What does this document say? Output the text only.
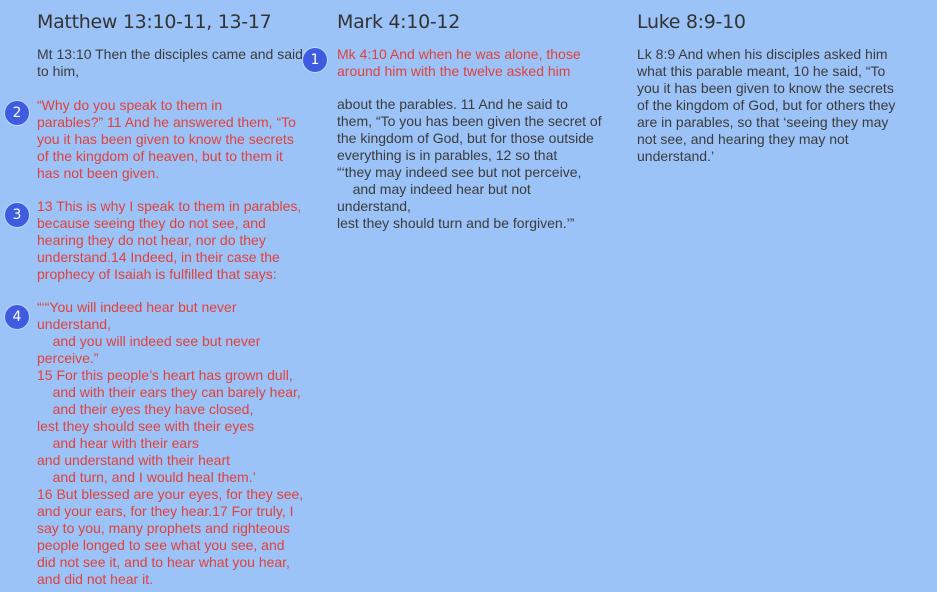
Matthew 13:10-11, 13-17
Mt 13:10 Then the disciples came and said
to him,
“Why do you speak to them in
parables?” 11 And he answered them, “To
you it has been given to know the secrets
of the kingdom of heaven, but to them it
has not been given.
13 This is why I speak to them in parables,
because seeing they do not see, and
hearing they do not hear, nor do they
understand.14 Indeed, in their case the
prophecy of Isaiah is fulfilled that says:
“‘“You will indeed hear but never
understand,
and you will indeed see but never
perceive.”
15 For this people’s heart has grown dull,
and with their ears they can barely hear,
and their eyes they have closed,
lest they should see with their eyes
and hear with their ears
and understand with their heart
and turn, and I would heal them.’
16 But blessed are your eyes, for they see,
and your ears, for they hear.17 For truly, I
say to you, many prophets and righteous
people longed to see what you see, and
did not see it, and to hear what you hear,
and did not hear it.
Mark 4:10-12
Mk 4:10 And when he was alone, those
around him with the twelve asked him
about the parables. 11 And he said to
them, “To you has been given the secret of
the kingdom of God, but for those outside
everything is in parables, 12 so that
“‘they may indeed see but not perceive,
and may indeed hear but not
understand,
lest they should turn and be forgiven.’”
Luke 8:9-10
Lk 8:9 And when his disciples asked him
what this parable meant, 10 he said, “To
you it has been given to know the secrets
of the kingdom of God, but for others they
are in parables, so that ‘seeing they may
not see, and hearing they may not
understand.’
1
2
3
4
